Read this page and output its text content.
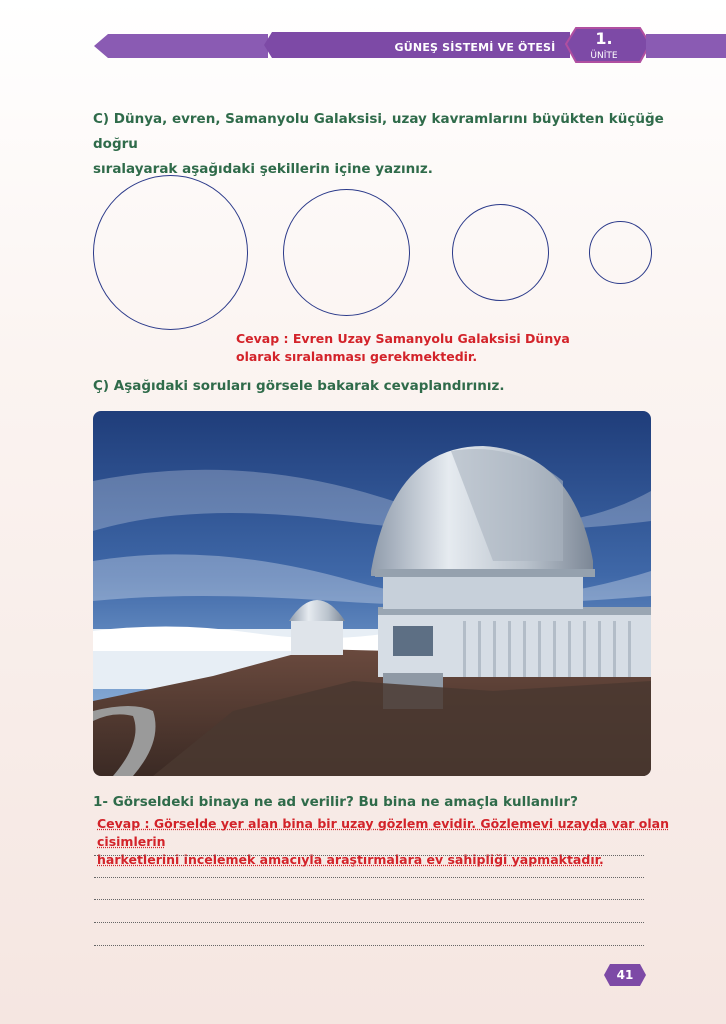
GÜNEŞ SİSTEMİ VE ÖTESİ	1.
ÜNİTE
C) Dünya, evren, Samanyolu Galaksisi, uzay kavramlarını büyükten küçüğe doğru
sıralayarak aşağıdaki şekillerin içine yazınız.
Cevap : Evren Uzay Samanyolu Galaksisi Dünya
olarak sıralanması gerekmektedir.
Ç) Aşağıdaki soruları görsele bakarak cevaplandırınız.
1- Görseldeki binaya ne ad verilir? Bu bina ne amaçla kullanılır?
Cevap : Görselde yer alan bina bir uzay gözlem evidir. Gözlemevi uzayda var olan cisimlerin
harketlerini incelemek amacıyla araştırmalara ev sahipliği yapmaktadır.
41
